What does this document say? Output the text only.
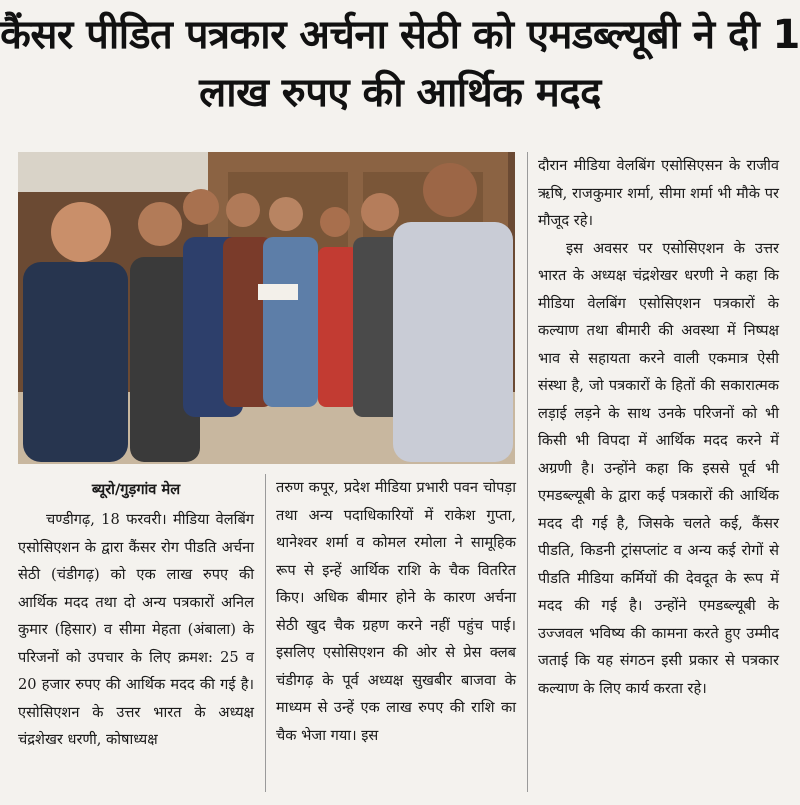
कैंसर पीडित पत्रकार अर्चना सेठी को एमडब्ल्यूबी ने दी 1 लाख रुपए की आर्थिक मदद

दौरान मीडिया वेलबिंग एसोसिएसन के राजीव ऋषि, राजकुमार शर्मा, सीमा शर्मा भी मौके पर मौजूद रहे।

इस अवसर पर एसोसिएशन के उत्तर भारत के अध्यक्ष चंद्रशेखर धरणी ने कहा कि मीडिया वेलबिंग एसोसिएशन पत्रकारों के कल्याण तथा बीमारी की अवस्था में निष्पक्ष भाव से सहायता करने वाली एकमात्र ऐसी संस्था है, जो पत्रकारों के हितों की सकारात्मक लड़ाई लड़ने के साथ उनके परिजनों को भी किसी भी विपदा में आर्थिक मदद करने में अग्रणी है। उन्होंने कहा कि इससे पूर्व भी एमडब्ल्यूबी के द्वारा कई पत्रकारों की आर्थिक मदद दी गई है, जिसके चलते कई, कैंसर पीडति, किडनी ट्रांसप्लांट व अन्य कई रोगों से पीडति मीडिया कर्मियों की देवदूत के रूप में मदद की गई है। उन्होंने एमडब्ल्यूबी के उज्जवल भविष्य की कामना करते हुए उम्मीद जताई कि यह संगठन इसी प्रकार से पत्रकार कल्याण के लिए कार्य करता रहे।

ब्यूरो/गुड़गांव मेल

चण्डीगढ़, 18 फरवरी। मीडिया वेलबिंग एसोसिएशन के द्वारा कैंसर रोग पीडति अर्चना सेठी (चंडीगढ़) को एक लाख रुपए की आर्थिक मदद तथा दो अन्य पत्रकारों अनिल कुमार (हिसार) व सीमा मेहता (अंबाला) के परिजनों को उपचार के लिए क्रमश: 25 व 20 हजार रुपए की आर्थिक मदद की गई है। एसोसिएशन के उत्तर भारत के अध्यक्ष चंद्रशेखर धरणी, कोषाध्यक्ष

तरुण कपूर, प्रदेश मीडिया प्रभारी पवन चोपड़ा तथा अन्य पदाधिकारियों में राकेश गुप्ता, थानेश्वर शर्मा व कोमल रमोला ने सामूहिक रूप से इन्हें आर्थिक राशि के चैक वितरित किए। अधिक बीमार होने के कारण अर्चना सेठी खुद चैक ग्रहण करने नहीं पहुंच पाई। इसलिए एसोसिएशन की ओर से प्रेस क्लब चंडीगढ़ के पूर्व अध्यक्ष सुखबीर बाजवा के माध्यम से उन्हें एक लाख रुपए की राशि का चैक भेजा गया। इस
